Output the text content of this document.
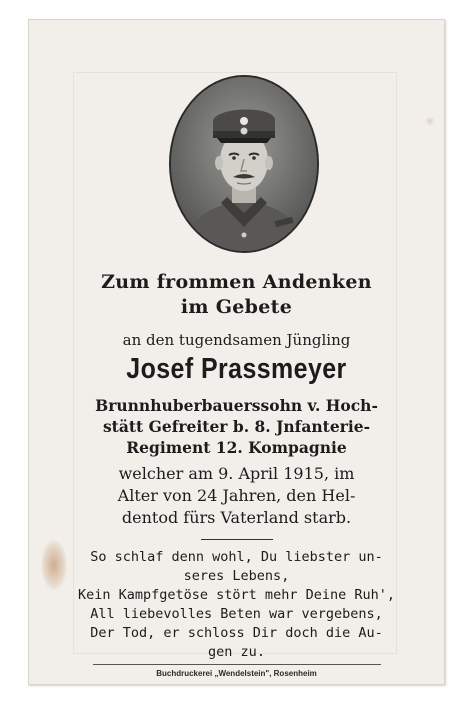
Zum frommen Andenken
im Gebete
an den tugendsamen Jüngling
Josef Prassmeyer
Brunnhuberbauerssohn v. Hoch-
stätt Gefreiter b. 8. Jnfanterie-
Regiment 12. Kompagnie
welcher am 9. April 1915, im
Alter von 24 Jahren, den Hel-
dentod fürs Vaterland starb.
So schlaf denn wohl, Du liebster un-
seres Lebens,
Kein Kampfgetöse stört mehr Deine Ruh',
All liebevolles Beten war vergebens,
Der Tod, er schloss Dir doch die Au-
gen zu.
Buchdruckerei „Wendelstein", Rosenheim
